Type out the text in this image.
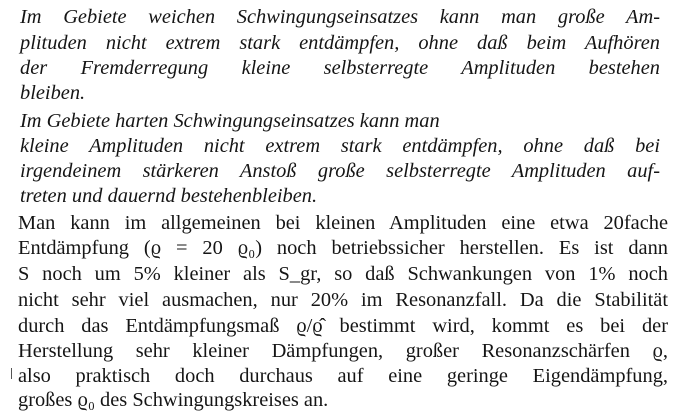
Im Gebiete weichen Schwingungseinsatzes kann man große Am-
plituden nicht extrem stark entdämpfen, ohne daß beim Aufhören
der Fremderregung kleine selbsterregte Amplituden bestehen
bleiben.
Im Gebiete harten Schwingungseinsatzes kann man
kleine Amplituden nicht extrem stark entdämpfen, ohne daß bei
irgendeinem stärkeren Anstoß große selbsterregte Amplituden auf-
treten und dauernd bestehenbleiben.
Man kann im allgemeinen bei kleinen Amplituden eine etwa 20fache
Entdämpfung (ϱ = 20 ϱ₀) noch betriebssicher herstellen. Es ist dann
S noch um 5% kleiner als S_gr, so daß Schwankungen von 1% noch
nicht sehr viel ausmachen, nur 20% im Resonanzfall. Da die Stabilität
durch das Entdämpfungsmaß ϱ/ϱ̂ bestimmt wird, kommt es bei der
Herstellung sehr kleiner Dämpfungen, großer Resonanzschärfen ϱ,
also praktisch doch durchaus auf eine geringe Eigendämpfung,
großes ϱ₀ des Schwingungskreises an.
